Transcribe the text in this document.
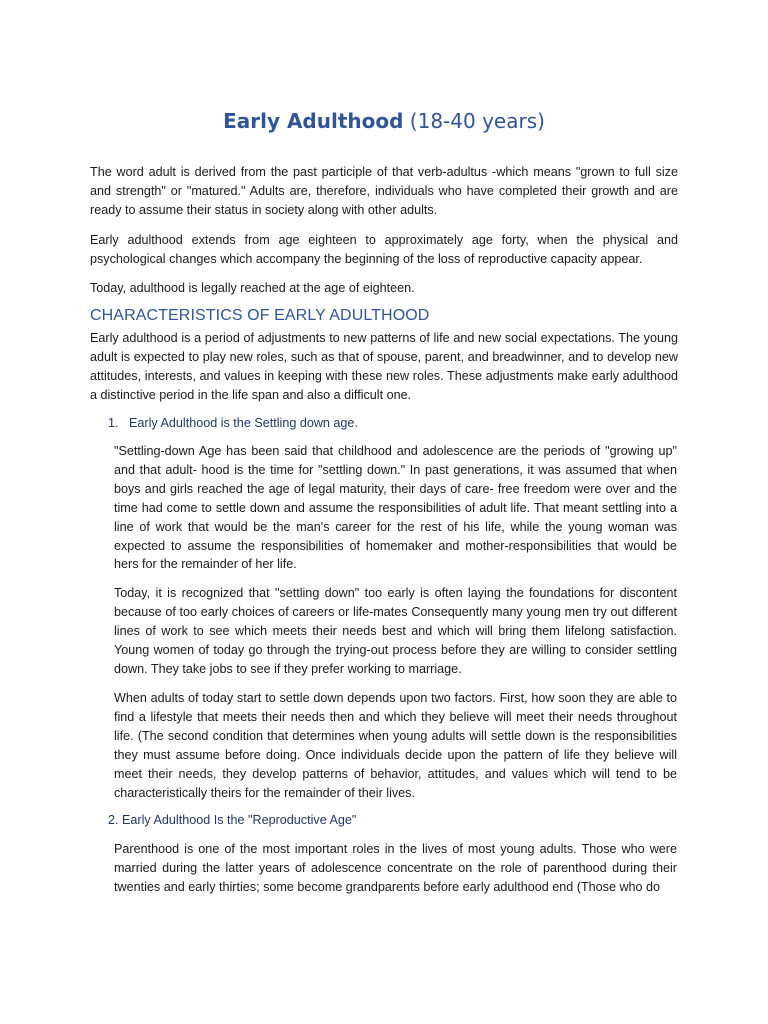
Early Adulthood (18-40 years)

The word adult is derived from the past participle of that verb-adultus -which means "grown to full size and strength" or "matured." Adults are, therefore, individuals who have completed their growth and are ready to assume their status in society along with other adults.

Early adulthood extends from age eighteen to approximately age forty, when the physical and psychological changes which accompany the beginning of the loss of reproductive capacity appear.

Today, adulthood is legally reached at the age of eighteen.

CHARACTERISTICS OF EARLY ADULTHOOD

Early adulthood is a period of adjustments to new patterns of life and new social expectations. The young adult is expected to play new roles, such as that of spouse, parent, and breadwinner, and to develop new attitudes, interests, and values in keeping with these new roles. These adjustments make early adulthood a distinctive period in the life span and also a difficult one.

1.   Early Adulthood is the Settling down age.

"Settling-down Age has been said that childhood and adolescence are the periods of "growing up" and that adult- hood is the time for "settling down." In past generations, it was assumed that when boys and girls reached the age of legal maturity, their days of care- free freedom were over and the time had come to settle down and assume the responsibilities of adult life. That meant settling into a line of work that would be the man's career for the rest of his life, while the young woman was expected to assume the responsibilities of homemaker and mother-responsibilities that would be hers for the remainder of her life.

Today, it is recognized that "settling down" too early is often laying the foundations for discontent because of too early choices of careers or life-mates Consequently many young men try out different lines of work to see which meets their needs best and which will bring them lifelong satisfaction. Young women of today go through the trying-out process before they are willing to consider settling down. They take jobs to see if they prefer working to marriage.

When adults of today start to settle down depends upon two factors. First, how soon they are able to find a lifestyle that meets their needs then and which they believe will meet their needs throughout life. (The second condition that determines when young adults will settle down is the responsibilities they must assume before doing. Once individuals decide upon the pattern of life they believe will meet their needs, they develop patterns of behavior, attitudes, and values which will tend to be characteristically theirs for the remainder of their lives.

2. Early Adulthood Is the "Reproductive Age"

Parenthood is one of the most important roles in the lives of most young adults. Those who were married during the latter years of adolescence concentrate on the role of parenthood during their twenties and early thirties; some become grandparents before early adulthood end (Those who do
